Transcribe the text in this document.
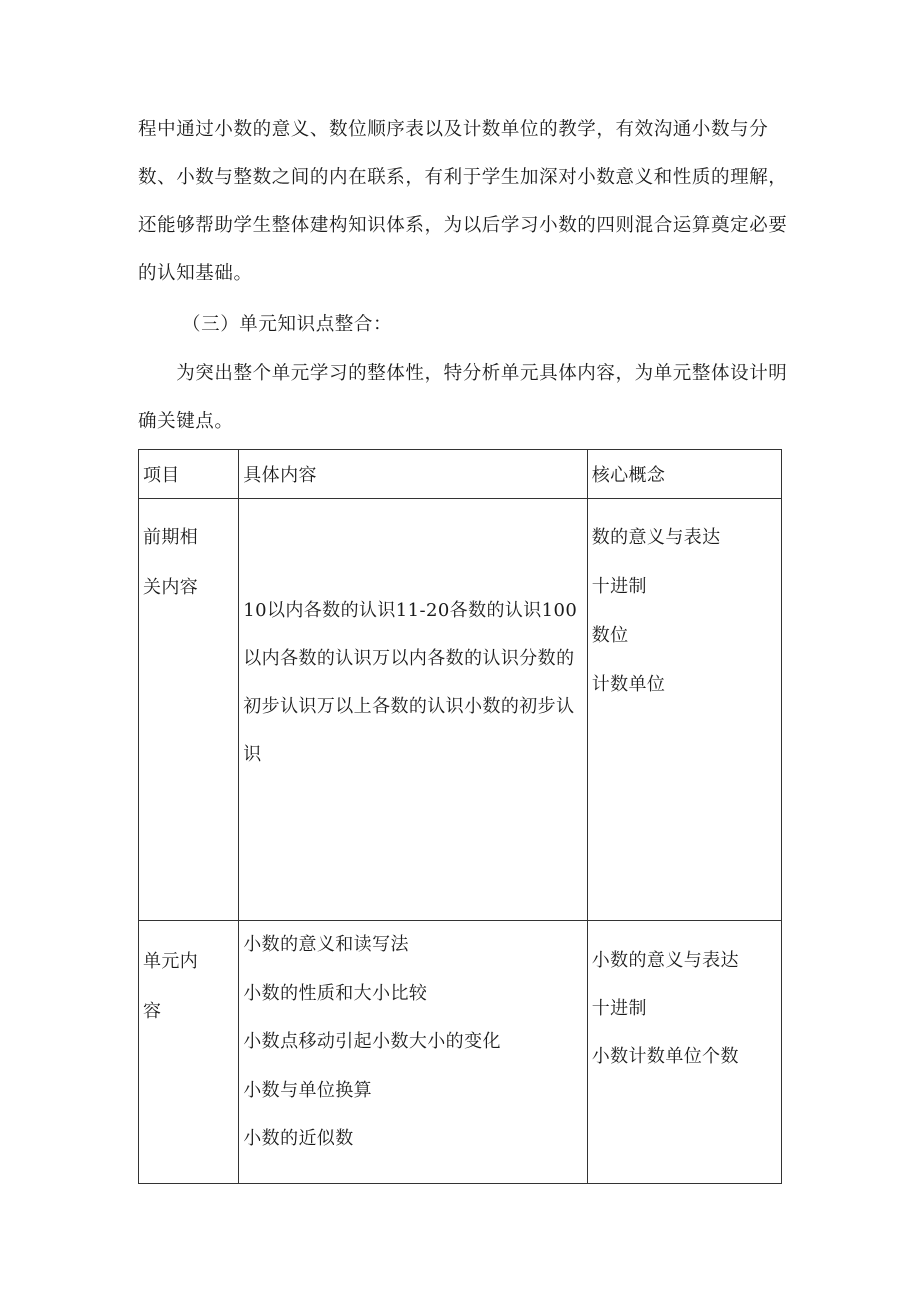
程中通过小数的意义、数位顺序表以及计数单位的教学，有效沟通小数与分数、小数与整数之间的内在联系，有利于学生加深对小数意义和性质的理解，还能够帮助学生整体建构知识体系，为以后学习小数的四则混合运算奠定必要的认知基础。

（三）单元知识点整合：

　　为突出整个单元学习的整体性，特分析单元具体内容，为单元整体设计明确关键点。

项目	具体内容	核心概念

前期相
关内容	10以内各数的认识11-20各数的认识100以内各数的认识万以内各数的认识分数的初步认识万以上各数的认识小数的初步认识	数的意义与表达
十进制
数位
计数单位

单元内
容	小数的意义和读写法
小数的性质和大小比较
小数点移动引起小数大小的变化
小数与单位换算
小数的近似数	小数的意义与表达
十进制
小数计数单位个数
